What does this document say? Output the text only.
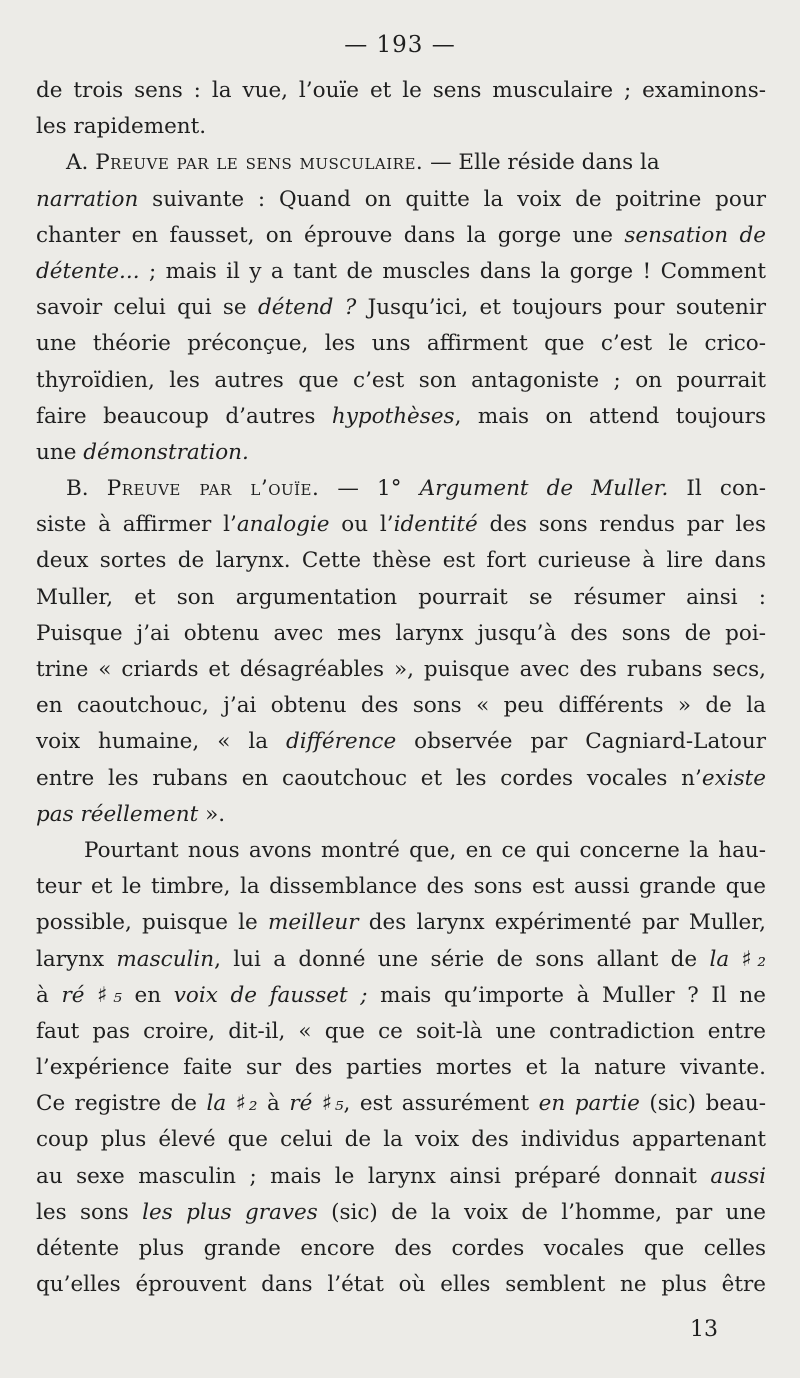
— 193 —
de trois sens : la vue, l’ouïe et le sens musculaire ; examinons-
les rapidement.
A. Preuve par le sens musculaire. — Elle réside dans la
narration suivante : Quand on quitte la voix de poitrine pour
chanter en fausset, on éprouve dans la gorge une sensation de
détente... ; mais il y a tant de muscles dans la gorge ! Comment
savoir celui qui se détend ? Jusqu’ici, et toujours pour soutenir
une théorie préconçue, les uns affirment que c’est le crico-
thyroïdien, les autres que c’est son antagoniste ; on pourrait
faire beaucoup d’autres hypothèses, mais on attend toujours
une démonstration.
B. Preuve par l’ouïe. — 1° Argument de Muller. Il con-
siste à affirmer l’analogie ou l’identité des sons rendus par les
deux sortes de larynx. Cette thèse est fort curieuse à lire dans
Muller, et son argumentation pourrait se résumer ainsi :
Puisque j’ai obtenu avec mes larynx jusqu’à des sons de poi-
trine « criards et désagréables », puisque avec des rubans secs,
en caoutchouc, j’ai obtenu des sons « peu différents » de la
voix humaine, « la différence observée par Cagniard-Latour
entre les rubans en caoutchouc et les cordes vocales n’existe
pas réellement ».
Pourtant nous avons montré que, en ce qui concerne la hau-
teur et le timbre, la dissemblance des sons est aussi grande que
possible, puisque le meilleur des larynx expérimenté par Muller,
larynx masculin, lui a donné une série de sons allant de la ♯₂
à ré ♯₅ en voix de fausset ; mais qu’importe à Muller ? Il ne
faut pas croire, dit-il, « que ce soit-là une contradiction entre
l’expérience faite sur des parties mortes et la nature vivante.
Ce registre de la ♯₂ à ré ♯₅, est assurément en partie (sic) beau-
coup plus élevé que celui de la voix des individus appartenant
au sexe masculin ; mais le larynx ainsi préparé donnait aussi
les sons les plus graves (sic) de la voix de l’homme, par une
détente plus grande encore des cordes vocales que celles
qu’elles éprouvent dans l’état où elles semblent ne plus être
13
